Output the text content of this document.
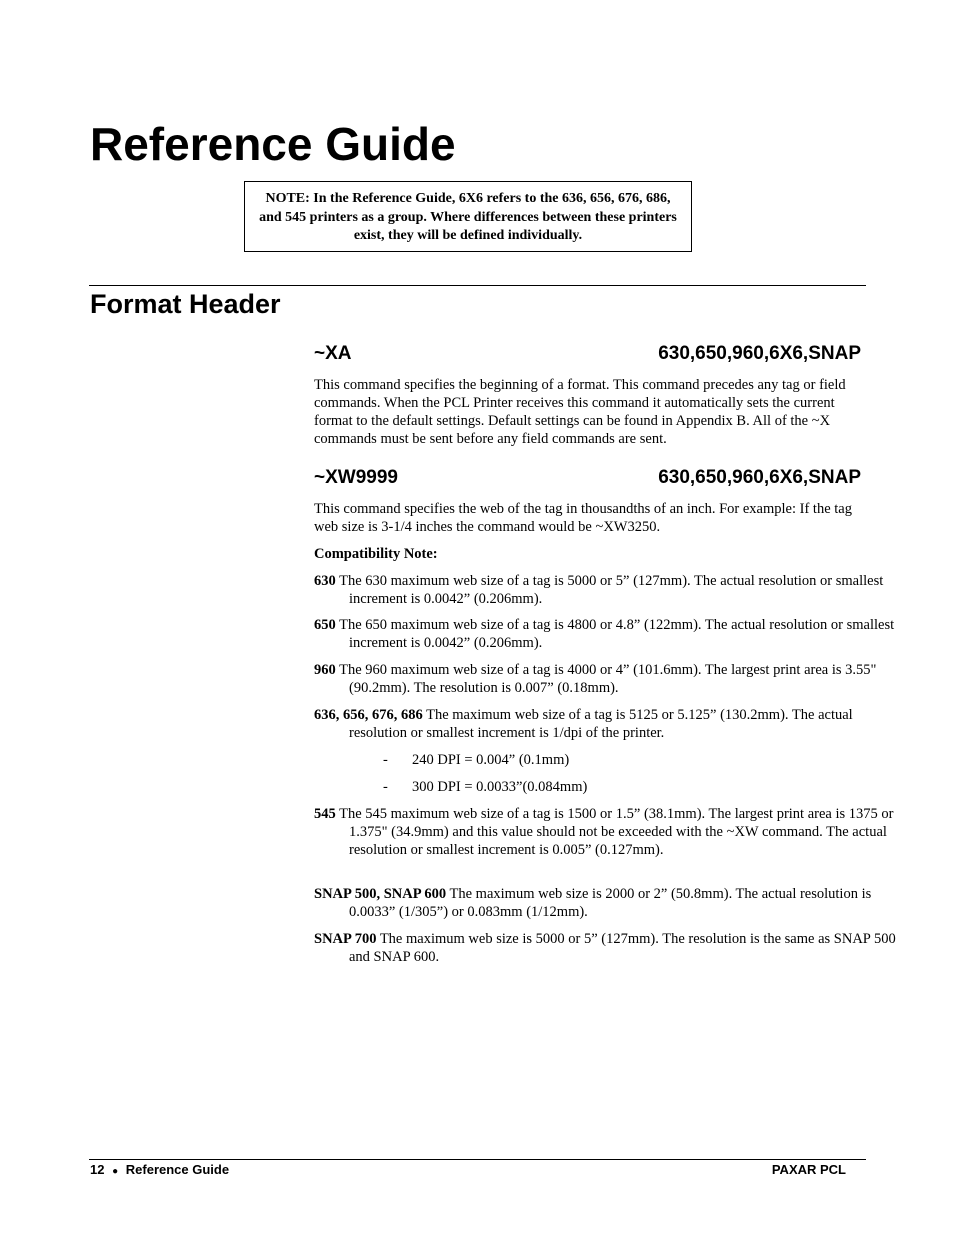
Reference Guide
NOTE: In the Reference Guide, 6X6 refers to the 636, 656, 676, 686, and 545 printers as a group. Where differences between these printers exist, they will be defined individually.
Format Header
~XA	630,650,960,6X6,SNAP

This command specifies the beginning of a format. This command precedes any tag or field commands. When the PCL Printer receives this command it automatically sets the current format to the default settings. Default settings can be found in Appendix B. All of the ~X commands must be sent before any field commands are sent.

~XW9999	630,650,960,6X6,SNAP

This command specifies the web of the tag in thousandths of an inch. For example: If the tag web size is 3-1/4 inches the command would be ~XW3250.

Compatibility Note:

630 The 630 maximum web size of a tag is 5000 or 5” (127mm). The actual resolution or smallest increment is 0.0042” (0.206mm).

650 The 650 maximum web size of a tag is 4800 or 4.8” (122mm). The actual resolution or smallest increment is 0.0042” (0.206mm).

960 The 960 maximum web size of a tag is 4000 or 4” (101.6mm). The largest print area is 3.55" (90.2mm). The resolution is 0.007” (0.18mm).

636, 656, 676, 686 The maximum web size of a tag is 5125 or 5.125” (130.2mm). The actual resolution or smallest increment is 1/dpi of the printer.

- 240 DPI = 0.004” (0.1mm)

- 300 DPI = 0.0033”(0.084mm)

545 The 545 maximum web size of a tag is 1500 or 1.5” (38.1mm). The largest print area is 1375 or 1.375" (34.9mm) and this value should not be exceeded with the ~XW command. The actual resolution or smallest increment is 0.005” (0.127mm).

SNAP 500, SNAP 600 The maximum web size is 2000 or 2” (50.8mm). The actual resolution is 0.0033” (1/305”) or 0.083mm (1/12mm).

SNAP 700 The maximum web size is 5000 or 5” (127mm). The resolution is the same as SNAP 500 and SNAP 600.

12 ● Reference Guide	PAXAR PCL
